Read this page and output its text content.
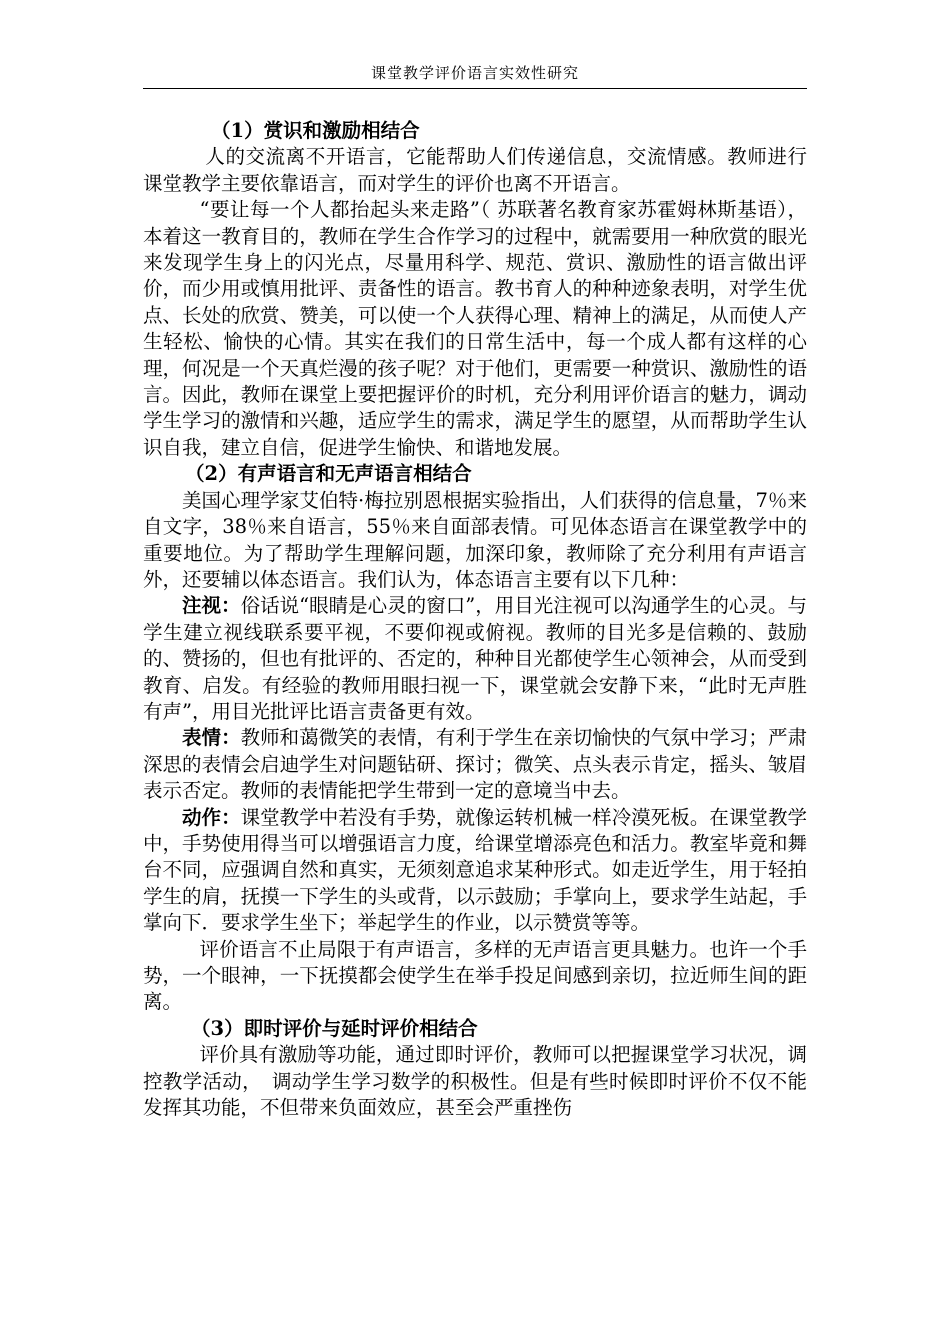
课堂教学评价语言实效性研究

（1）赏识和激励相结合

人的交流离不开语言，它能帮助人们传递信息，交流情感。教师进行课堂教学主要依靠语言，而对学生的评价也离不开语言。

“要让每一个人都抬起头来走路”（ 苏联著名教育家苏霍姆林斯基语），本着这一教育目的，教师在学生合作学习的过程中，就需要用一种欣赏的眼光来发现学生身上的闪光点，尽量用科学、规范、赏识、激励性的语言做出评价，而少用或慎用批评、责备性的语言。教书育人的种种迹象表明，对学生优点、长处的欣赏、赞美，可以使一个人获得心理、精神上的满足，从而使人产生轻松、愉快的心情。其实在我们的日常生活中，每一个成人都有这样的心理，何况是一个天真烂漫的孩子呢？对于他们，更需要一种赏识、激励性的语言。因此，教师在课堂上要把握评价的时机，充分利用评价语言的魅力，调动学生学习的激情和兴趣，适应学生的需求，满足学生的愿望，从而帮助学生认识自我，建立自信，促进学生愉快、和谐地发展。

（2）有声语言和无声语言相结合

美国心理学家艾伯特·梅拉别恩根据实验指出，人们获得的信息量，7％来自文字，38％来自语言，55％来自面部表情。可见体态语言在课堂教学中的重要地位。为了帮助学生理解问题，加深印象，教师除了充分利用有声语言外，还要辅以体态语言。我们认为，体态语言主要有以下几种：

注视：俗话说“眼睛是心灵的窗口”，用目光注视可以沟通学生的心灵。与学生建立视线联系要平视，不要仰视或俯视。教师的目光多是信赖的、鼓励的、赞扬的，但也有批评的、否定的，种种目光都使学生心领神会，从而受到教育、启发。有经验的教师用眼扫视一下，课堂就会安静下来，“此时无声胜有声”，用目光批评比语言责备更有效。

表情：教师和蔼微笑的表情，有利于学生在亲切愉快的气氛中学习；严肃深思的表情会启迪学生对问题钻研、探讨；微笑、点头表示肯定，摇头、皱眉表示否定。教师的表情能把学生带到一定的意境当中去。

动作：课堂教学中若没有手势，就像运转机械一样冷漠死板。在课堂教学中，手势使用得当可以增强语言力度，给课堂增添亮色和活力。教室毕竟和舞台不同，应强调自然和真实，无须刻意追求某种形式。如走近学生，用于轻拍学生的肩，抚摸一下学生的头或背，以示鼓励；手掌向上，要求学生站起，手掌向下．要求学生坐下；举起学生的作业，以示赞赏等等。

评价语言不止局限于有声语言，多样的无声语言更具魅力。也许一个手势，一个眼神，一下抚摸都会使学生在举手投足间感到亲切，拉近师生间的距离。

（3）即时评价与延时评价相结合

评价具有激励等功能，通过即时评价，教师可以把握课堂学习状况，调控教学活动，　调动学生学习数学的积极性。但是有些时候即时评价不仅不能发挥其功能，不但带来负面效应，甚至会严重挫伤
